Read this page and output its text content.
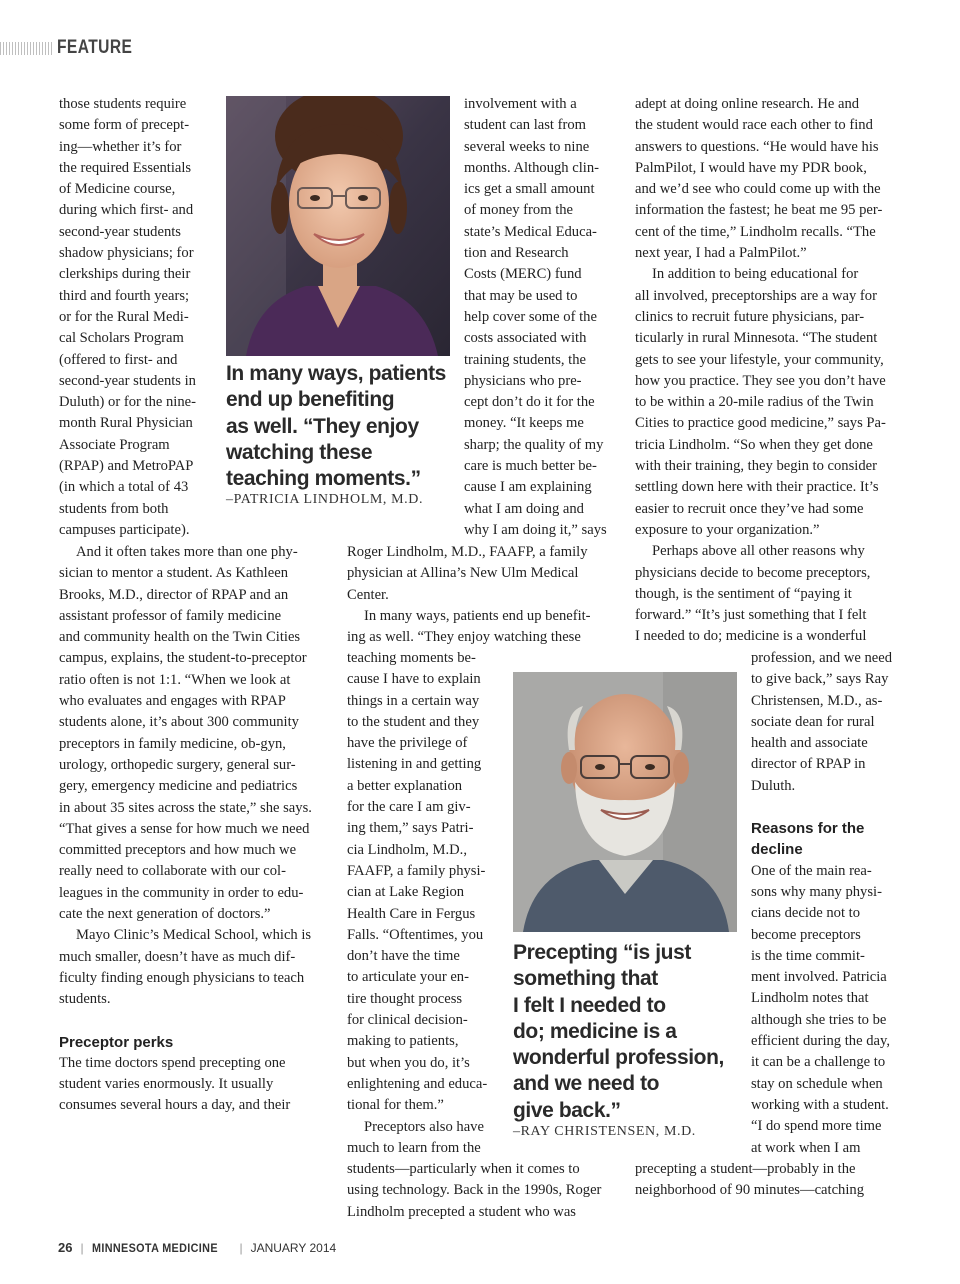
FEATURE

those students require
some form of precept-
ing—whether it’s for
the required Essentials
of Medicine course,
during which first- and
second-year students
shadow physicians; for
clerkships during their
third and fourth years;
or for the Rural Medi-
cal Scholars Program
(offered to first- and
second-year students in
Duluth) or for the nine-
month Rural Physician
Associate Program
(RPAP) and MetroPAP
(in which a total of 43
students from both
campuses participate).

And it often takes more than one phy-
sician to mentor a student. As Kathleen
Brooks, M.D., director of RPAP and an
assistant professor of family medicine
and community health on the Twin Cities
campus, explains, the student-to-preceptor
ratio often is not 1:1. “When we look at
who evaluates and engages with RPAP
students alone, it’s about 300 community
preceptors in family medicine, ob-gyn,
urology, orthopedic surgery, general sur-
gery, emergency medicine and pediatrics
in about 35 sites across the state,” she says.
“That gives a sense for how much we need
committed preceptors and how much we
really need to collaborate with our col-
leagues in the community in order to edu-
cate the next generation of doctors.”

Mayo Clinic’s Medical School, which is
much smaller, doesn’t have as much dif-
ficulty finding enough physicians to teach
students.

Preceptor perks

The time doctors spend precepting one
student varies enormously. It usually
consumes several hours a day, and their

In many ways, patients
end up benefiting
as well. “They enjoy
watching these
teaching moments.”
–PATRICIA LINDHOLM, M.D.

involvement with a
student can last from
several weeks to nine
months. Although clin-
ics get a small amount
of money from the
state’s Medical Educa-
tion and Research
Costs (MERC) fund
that may be used to
help cover some of the
costs associated with
training students, the
physicians who pre-
cept don’t do it for the
money. “It keeps me
sharp; the quality of my
care is much better be-
cause I am explaining
what I am doing and
why I am doing it,” says

Roger Lindholm, M.D., FAAFP, a family
physician at Allina’s New Ulm Medical
Center.

In many ways, patients end up benefit-
ing as well. “They enjoy watching these

teaching moments be-
cause I have to explain
things in a certain way
to the student and they
have the privilege of
listening in and getting
a better explanation
for the care I am giv-
ing them,” says Patri-
cia Lindholm, M.D.,
FAAFP, a family physi-
cian at Lake Region
Health Care in Fergus
Falls. “Oftentimes, you
don’t have the time
to articulate your en-
tire thought process
for clinical decision-
making to patients,
but when you do, it’s
enlightening and educa-
tional for them.”

Preceptors also have
much to learn from the

students—particularly when it comes to
using technology. Back in the 1990s, Roger
Lindholm precepted a student who was

Precepting “is just
something that
I felt I needed to
do; medicine is a
wonderful profession,
and we need to
give back.”
–RAY CHRISTENSEN, M.D.

adept at doing online research. He and
the student would race each other to find
answers to questions. “He would have his
PalmPilot, I would have my PDR book,
and we’d see who could come up with the
information the fastest; he beat me 95 per-
cent of the time,” Lindholm recalls. “The
next year, I had a PalmPilot.”

In addition to being educational for
all involved, preceptorships are a way for
clinics to recruit future physicians, par-
ticularly in rural Minnesota. “The student
gets to see your lifestyle, your community,
how you practice. They see you don’t have
to be within a 20-mile radius of the Twin
Cities to practice good medicine,” says Pa-
tricia Lindholm. “So when they get done
with their training, they begin to consider
settling down here with their practice. It’s
easier to recruit once they’ve had some
exposure to your organization.”

Perhaps above all other reasons why
physicians decide to become preceptors,
though, is the sentiment of “paying it
forward.” “It’s just something that I felt
I needed to do; medicine is a wonderful

profession, and we need
to give back,” says Ray
Christensen, M.D., as-
sociate dean for rural
health and associate
director of RPAP in
Duluth.

Reasons for the
decline

One of the main rea-
sons why many physi-
cians decide not to
become preceptors
is the time commit-
ment involved. Patricia
Lindholm notes that
although she tries to be
efficient during the day,
it can be a challenge to
stay on schedule when
working with a student.
“I do spend more time
at work when I am

precepting a student—probably in the
neighborhood of 90 minutes—catching

26 | MINNESOTA MEDICINE | JANUARY 2014
